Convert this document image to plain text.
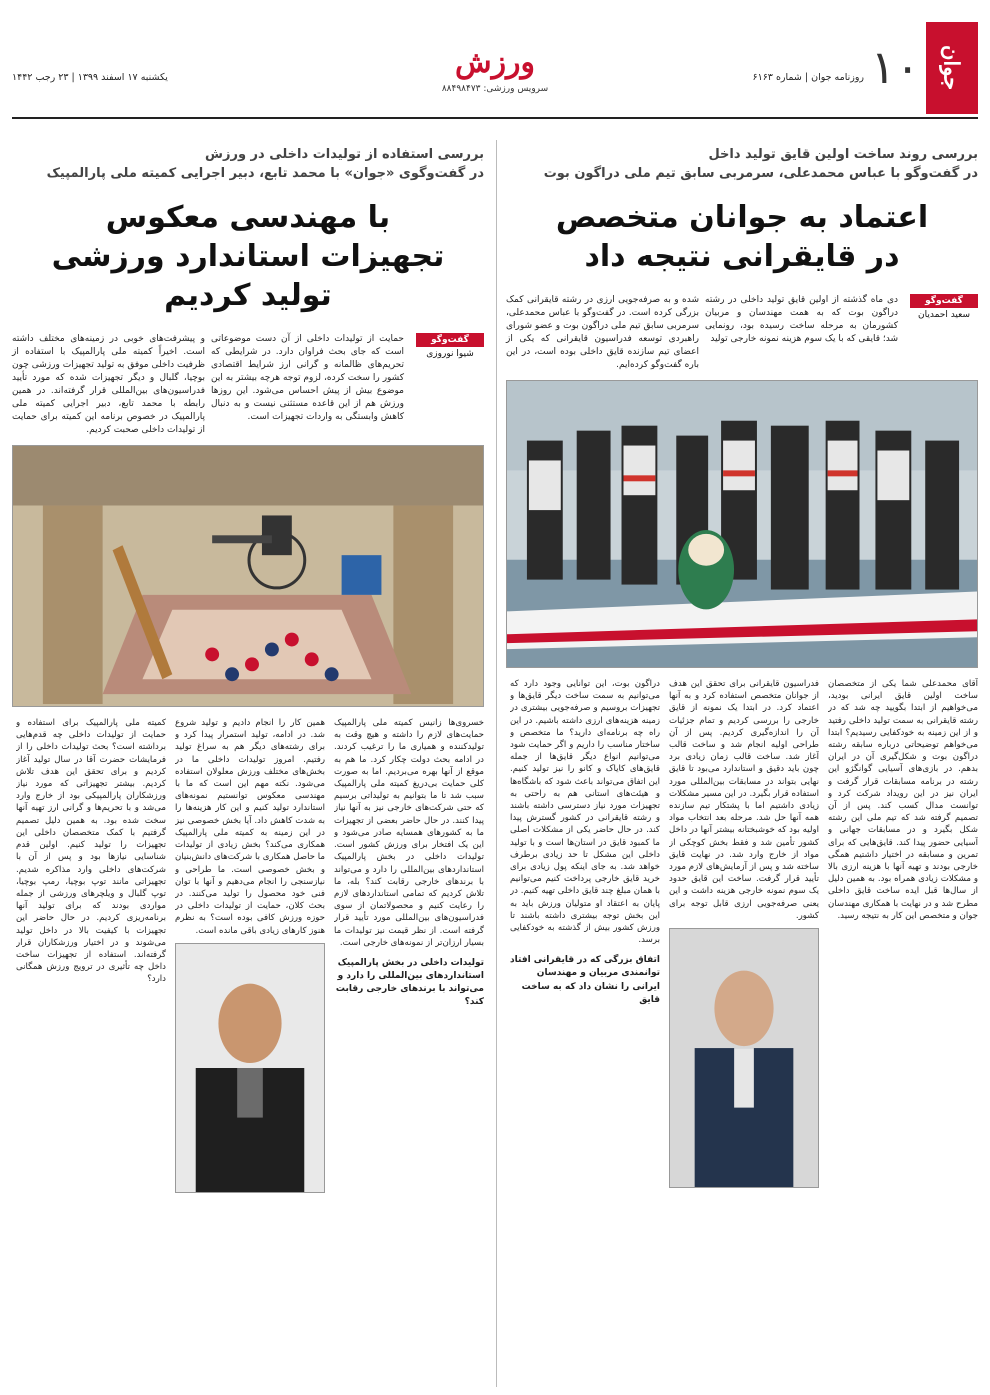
جوان
۱۰
روزنامه جوان | شماره ۶۱۶۳
ورزش
سرویس ورزشی: ۸۸۴۹۸۴۷۳
یکشنبه ۱۷ اسفند ۱۳۹۹ | ۲۳ رجب ۱۴۴۲
بررسی روند ساخت اولین قایق تولید داخل
در گفت‌وگو با عباس محمدعلی، سرمربی سابق تیم ملی دراگون بوت
اعتماد به جوانان متخصص
در قایقرانی نتیجه داد
گفت‌وگو
سعید احمدیان
دی ماه گذشته از اولین قایق تولید داخلی در رشته دراگون بوت که به همت مهندسان و مربیان کشورمان به مرحله ساخت رسیده بود، رونمایی شد؛ قایقی که با یک سوم هزینه نمونه خارجی تولید
شده و به صرفه‌جویی ارزی در رشته قایقرانی کمک بزرگی کرده است. در گفت‌وگو با عباس محمدعلی، سرمربی سابق تیم ملی دراگون بوت و عضو شورای راهبردی توسعه فدراسیون قایقرانی که یکی از اعضای تیم سازنده قایق داخلی بوده است، در این باره گفت‌وگو کرده‌ایم.

آقای محمدعلی شما یکی از متخصصان ساخت اولین قایق ایرانی بودید، می‌خواهیم از ابتدا بگویید چه شد که در رشته قایقرانی به سمت تولید داخلی رفتید و از این زمینه به خودکفایی رسیدیم؟ ابتدا می‌خواهم توضیحاتی درباره سابقه رشته دراگون بوت و شکل‌گیری آن در ایران بدهم. در بازی‌های آسیایی گوانگژو این رشته در برنامه مسابقات قرار گرفت و ایران نیز در این رویداد شرکت کرد و توانست مدال کسب کند. پس از آن تصمیم گرفته شد که تیم ملی این رشته شکل بگیرد و در مسابقات جهانی و آسیایی حضور پیدا کند. قایق‌هایی که برای تمرین و مسابقه در اختیار داشتیم همگی خارجی بودند و تهیه آنها با هزینه ارزی بالا و مشکلات زیادی همراه بود. به همین دلیل از سال‌ها قبل ایده ساخت قایق داخلی مطرح شد و در نهایت با همکاری مهندسان جوان و متخصص این کار به نتیجه رسید.

فدراسیون قایقرانی برای تحقق این هدف از جوانان متخصص استفاده کرد و به آنها اعتماد کرد. در ابتدا یک نمونه از قایق خارجی را بررسی کردیم و تمام جزئیات آن را اندازه‌گیری کردیم. پس از آن طراحی اولیه انجام شد و ساخت قالب آغاز شد. ساخت قالب زمان زیادی برد چون باید دقیق و استاندارد می‌بود تا قایق نهایی بتواند در مسابقات بین‌المللی مورد استفاده قرار بگیرد. در این مسیر مشکلات زیادی داشتیم اما با پشتکار تیم سازنده همه آنها حل شد. مرحله بعد انتخاب مواد اولیه بود که خوشبختانه بیشتر آنها در داخل کشور تأمین شد و فقط بخش کوچکی از مواد از خارج وارد شد. در نهایت قایق ساخته شد و پس از آزمایش‌های لازم مورد تأیید قرار گرفت. ساخت این قایق حدود یک سوم نمونه خارجی هزینه داشت و این یعنی صرفه‌جویی ارزی قابل توجه برای کشور.

دراگون بوت، این توانایی وجود دارد که می‌توانیم به سمت ساخت دیگر قایق‌ها و تجهیزات بروسیم و صرفه‌جویی بیشتری در زمینه هزینه‌های ارزی داشته باشیم. در این راه چه برنامه‌ای دارید؟ ما متخصص و ساختار مناسب را داریم و اگر حمایت شود می‌توانیم انواع دیگر قایق‌ها از جمله قایق‌های کایاک و کانو را نیز تولید کنیم. این اتفاق می‌تواند باعث شود که باشگاه‌ها و هیئت‌های استانی هم به راحتی به تجهیزات مورد نیاز دسترسی داشته باشند و رشته قایقرانی در کشور گسترش پیدا کند. در حال حاضر یکی از مشکلات اصلی ما کمبود قایق در استان‌ها است و با تولید داخلی این مشکل تا حد زیادی برطرف خواهد شد. به جای اینکه پول زیادی برای خرید قایق خارجی پرداخت کنیم می‌توانیم با همان مبلغ چند قایق داخلی تهیه کنیم. در پایان به اعتقاد او متولیان ورزش باید به این بخش توجه بیشتری داشته باشند تا ورزش کشور بیش از گذشته به خودکفایی برسد.

اتفاق بزرگی که در قایقرانی افتاد توانمندی مربیان و مهندسان ایرانی را نشان داد که به ساخت قایق
بررسی استفاده از تولیدات داخلی در ورزش
در گفت‌وگوی «جوان» با محمد تابع، دبیر اجرایی کمیته ملی پارالمپیک
با مهندسی معکوس
تجهیزات استاندارد ورزشی تولید کردیم
گفت‌وگو
شیوا نوروزی
حمایت از تولیدات داخلی از آن دست موضوعاتی است که جای بحث فراوان دارد. در شرایطی که تحریم‌های ظالمانه و گرانی ارز شرایط اقتصادی کشور را سخت کرده، لزوم توجه هرچه بیشتر به این موضوع بیش از پیش احساس می‌شود. این روزها ورزش هم از این قاعده مستثنی نیست و به دنبال کاهش وابستگی به واردات تجهیزات است.
و پیشرفت‌های خوبی در زمینه‌های مختلف داشته است. اخیراً کمیته ملی پارالمپیک با استفاده از ظرفیت داخلی موفق به تولید تجهیزات ورزشی چون بوچیا، گلبال و دیگر تجهیزات شده که مورد تأیید فدراسیون‌های بین‌المللی قرار گرفته‌اند. در همین رابطه با محمد تابع، دبیر اجرایی کمیته ملی پارالمپیک در خصوص برنامه این کمیته برای حمایت از تولیدات داخلی صحبت کردیم.

خسروی‌ها زانیس کمیته ملی پارالمپیک حمایت‌های لازم را داشته و هیچ وقت به تولیدکننده و همیاری ما را ترغیب کردند. در ادامه بحث دولت چکار کرد. ما هم به موقع از آنها بهره می‌بردیم. اما به صورت کلی حمایت بی‌دریغ کمیته ملی پارالمپیک سبب شد تا ما بتوانیم به تولیداتی برسیم که حتی شرکت‌های خارجی نیز به آنها نیاز پیدا کنند. در حال حاضر بعضی از تجهیزات ما به کشورهای همسایه صادر می‌شود و این یک افتخار برای ورزش کشور است. تولیدات داخلی در بخش پارالمپیک استانداردهای بین‌المللی را دارد و می‌تواند با برندهای خارجی رقابت کند؟ بله، ما تلاش کردیم که تمامی استانداردهای لازم را رعایت کنیم و محصولاتمان از سوی فدراسیون‌های بین‌المللی مورد تأیید قرار گرفته است. از نظر قیمت نیز تولیدات ما بسیار ارزان‌تر از نمونه‌های خارجی است.

تولیدات داخلی در بخش پارالمپیک استانداردهای بین‌المللی را دارد و می‌تواند با برندهای خارجی رقابت کند؟

همین کار را انجام دادیم و تولید شروع شد. در ادامه، تولید استمرار پیدا کرد و برای رشته‌های دیگر هم به سراغ تولید رفتیم. امروز تولیدات داخلی ما در بخش‌های مختلف ورزش معلولان استفاده می‌شود. نکته مهم این است که ما با مهندسی معکوس توانستیم نمونه‌های استاندارد تولید کنیم و این کار هزینه‌ها را به شدت کاهش داد. آیا بخش خصوصی نیز در این زمینه به کمیته ملی پارالمپیک همکاری می‌کند؟ بخش زیادی از تولیدات ما حاصل همکاری با شرکت‌های دانش‌بنیان و بخش خصوصی است. ما طراحی و نیازسنجی را انجام می‌دهیم و آنها با توان فنی خود محصول را تولید می‌کنند. در بحث کلان، حمایت از تولیدات داخلی در حوزه ورزش کافی بوده است؟ به نظرم هنوز کارهای زیادی باقی مانده است.

کمیته ملی پارالمپیک برای استفاده و حمایت از تولیدات داخلی چه قدم‌هایی برداشته است؟ بحث تولیدات داخلی را از فرمایشات حضرت آقا در سال تولید آغاز کردیم و برای تحقق این هدف تلاش کردیم. بیشتر تجهیزاتی که مورد نیاز ورزشکاران پارالمپیکی بود از خارج وارد می‌شد و با تحریم‌ها و گرانی ارز تهیه آنها سخت شده بود. به همین دلیل تصمیم گرفتیم با کمک متخصصان داخلی این تجهیزات را تولید کنیم. اولین قدم شناسایی نیازها بود و پس از آن با شرکت‌های داخلی وارد مذاکره شدیم. تجهیزاتی مانند توپ بوچیا، رمپ بوچیا، توپ گلبال و ویلچرهای ورزشی از جمله مواردی بودند که برای تولید آنها برنامه‌ریزی کردیم. در حال حاضر این تجهیزات با کیفیت بالا در داخل تولید می‌شوند و در اختیار ورزشکاران قرار گرفته‌اند. استفاده از تجهیزات ساخت داخل چه تأثیری در ترویج ورزش همگانی دارد؟
